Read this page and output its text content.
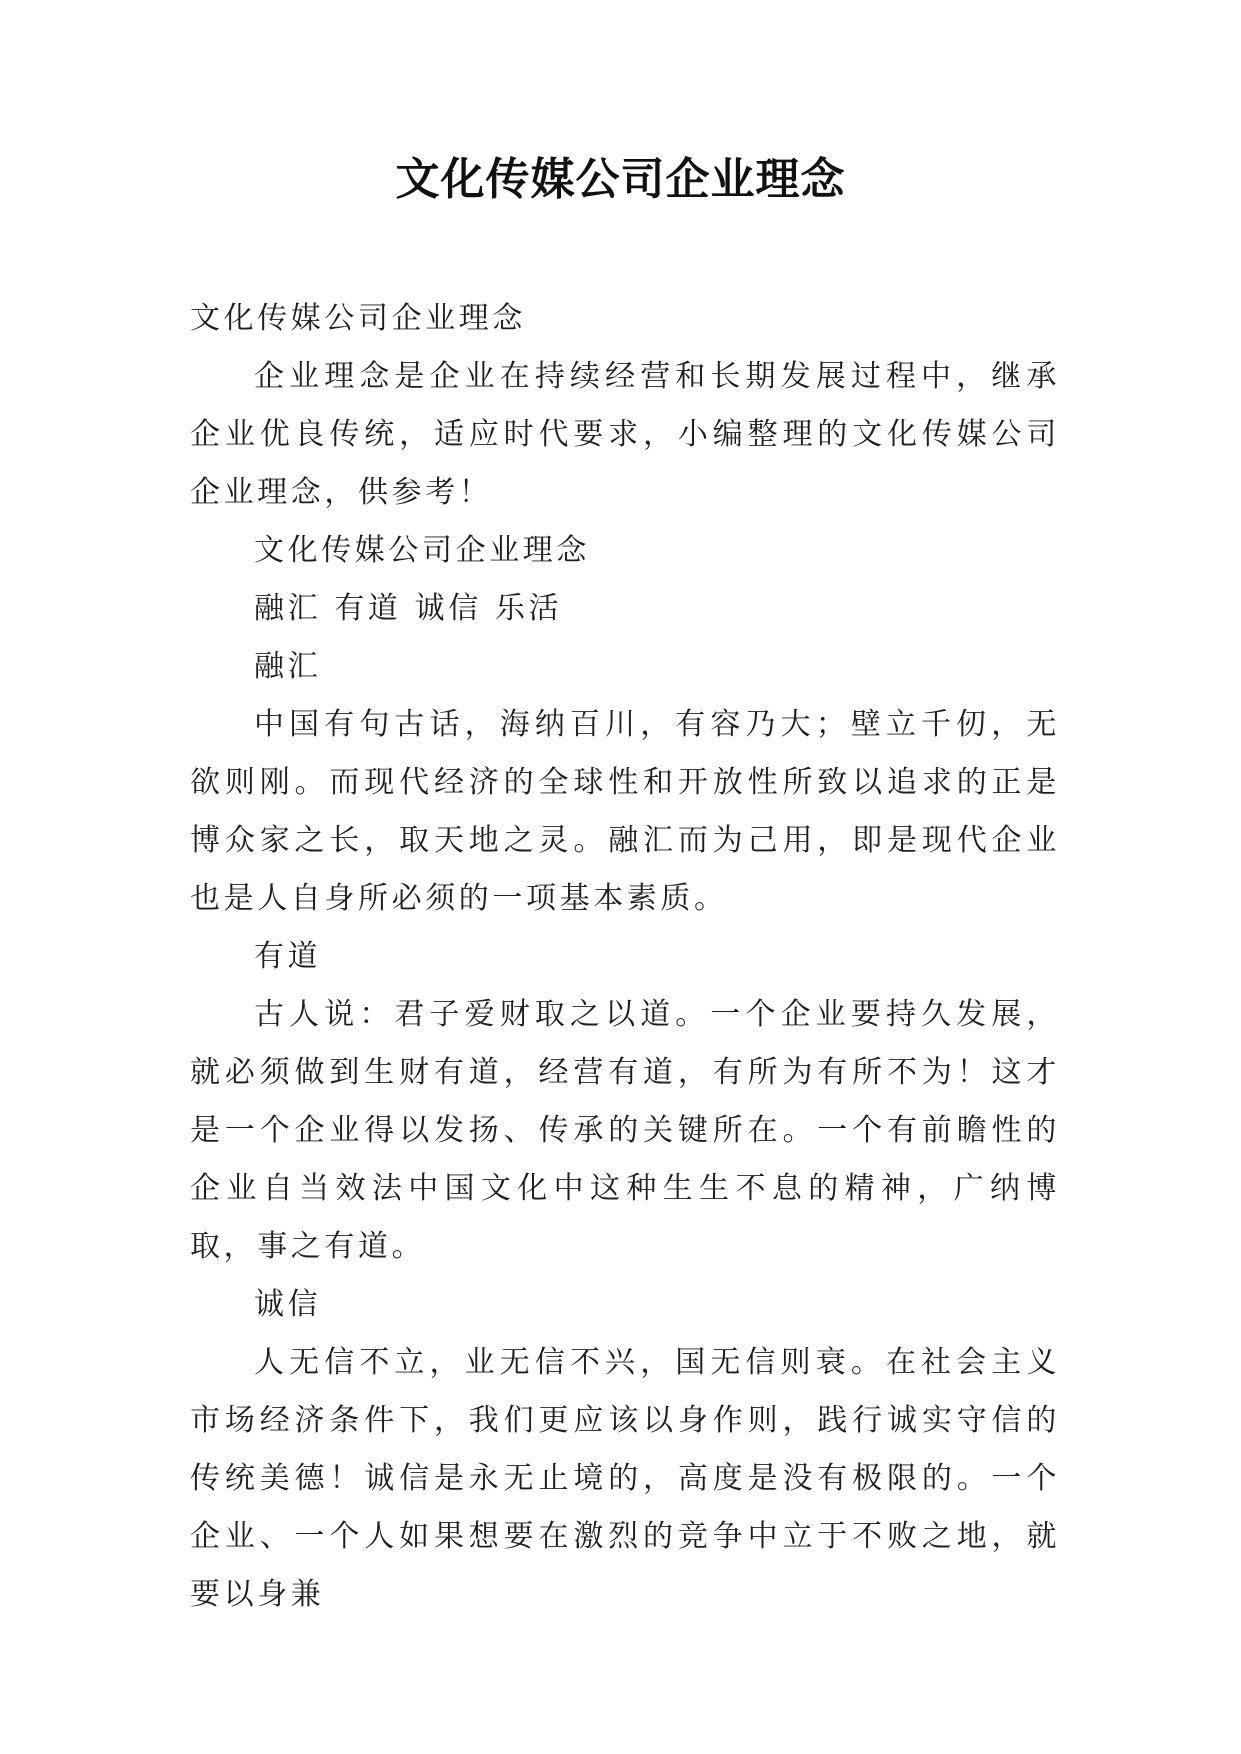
文化传媒公司企业理念

文化传媒公司企业理念

企业理念是企业在持续经营和长期发展过程中，继承企业优良传统，适应时代要求，小编整理的文化传媒公司企业理念，供参考！

文化传媒公司企业理念

融汇 有道 诚信 乐活

融汇

中国有句古话，海纳百川，有容乃大；壁立千仞，无欲则刚。而现代经济的全球性和开放性所致以追求的正是博众家之长，取天地之灵。融汇而为己用，即是现代企业也是人自身所必须的一项基本素质。

有道

古人说：君子爱财取之以道。一个企业要持久发展，就必须做到生财有道，经营有道，有所为有所不为！这才是一个企业得以发扬、传承的关键所在。一个有前瞻性的企业自当效法中国文化中这种生生不息的精神，广纳博取，事之有道。

诚信

人无信不立，业无信不兴，国无信则衰。在社会主义市场经济条件下，我们更应该以身作则，践行诚实守信的传统美德！诚信是永无止境的，高度是没有极限的。一个企业、一个人如果想要在激烈的竞争中立于不败之地，就要以身兼
